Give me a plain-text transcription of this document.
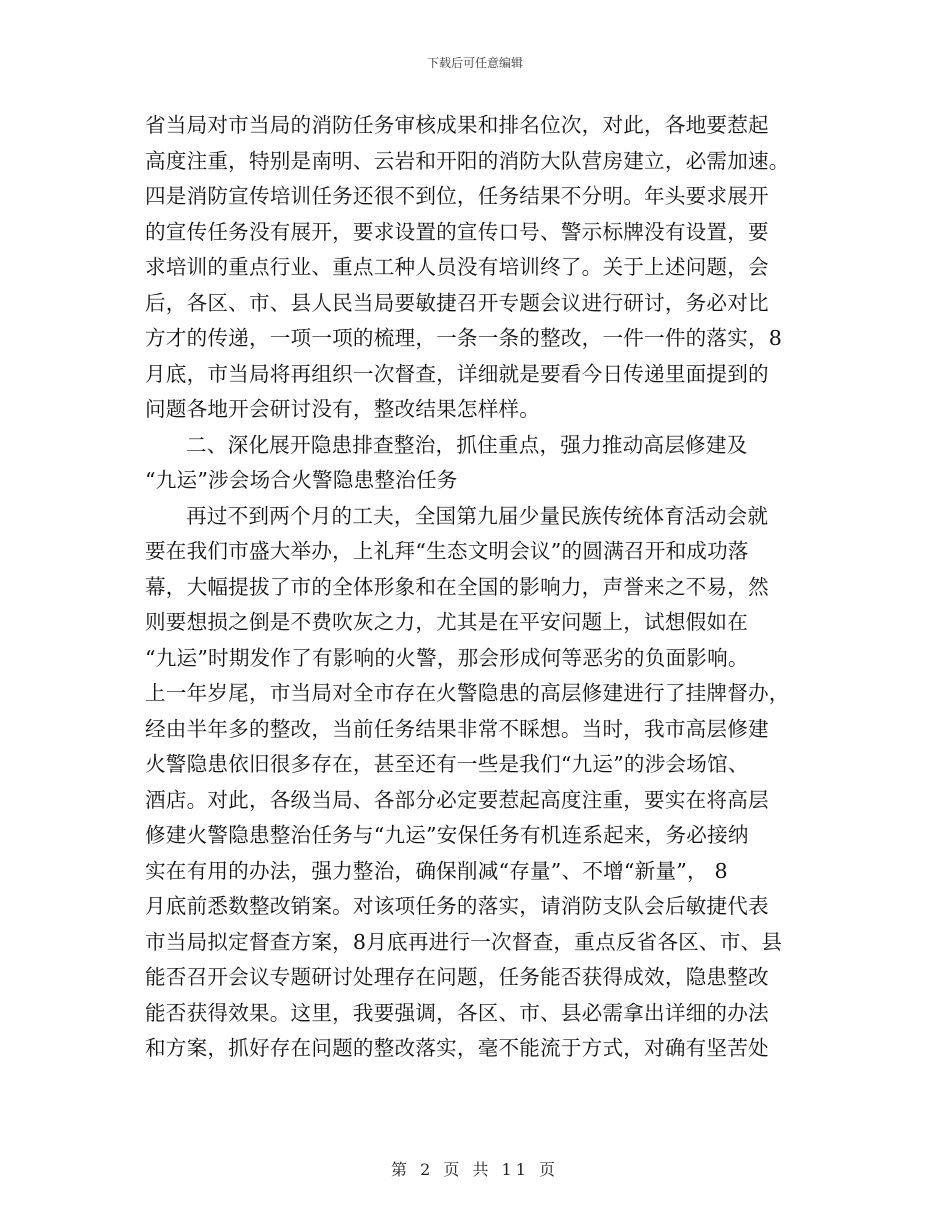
下载后可任意编辑
省当局对市当局的消防任务审核成果和排名位次，对此，各地要惹起
高度注重，特别是南明、云岩和开阳的消防大队营房建立，必需加速。
四是消防宣传培训任务还很不到位，任务结果不分明。年头要求展开
的宣传任务没有展开，要求设置的宣传口号、警示标牌没有设置，要
求培训的重点行业、重点工种人员没有培训终了。关于上述问题，会
后，各区、市、县人民当局要敏捷召开专题会议进行研讨，务必对比
方才的传递，一项一项的梳理，一条一条的整改，一件一件的落实，8
月底，市当局将再组织一次督查，详细就是要看今日传递里面提到的
问题各地开会研讨没有，整改结果怎样样。
二、深化展开隐患排查整治，抓住重点，强力推动高层修建及
“九运”涉会场合火警隐患整治任务
再过不到两个月的工夫，全国第九届少量民族传统体育活动会就
要在我们市盛大举办，上礼拜“生态文明会议”的圆满召开和成功落
幕，大幅提拔了市的全体形象和在全国的影响力，声誉来之不易，然
则要想损之倒是不费吹灰之力，尤其是在平安问题上，试想假如在
“九运”时期发作了有影响的火警，那会形成何等恶劣的负面影响。
上一年岁尾，市当局对全市存在火警隐患的高层修建进行了挂牌督办，
经由半年多的整改，当前任务结果非常不睬想。当时，我市高层修建
火警隐患依旧很多存在，甚至还有一些是我们“九运”的涉会场馆、
酒店。对此，各级当局、各部分必定要惹起高度注重，要实在将高层
修建火警隐患整治任务与“九运”安保任务有机连系起来，务必接纳
实在有用的办法，强力整治，确保削减“存量”、不增“新量”， 8
月底前悉数整改销案。对该项任务的落实，请消防支队会后敏捷代表
市当局拟定督查方案，8月底再进行一次督查，重点反省各区、市、县
能否召开会议专题研讨处理存在问题，任务能否获得成效，隐患整改
能否获得效果。这里，我要强调，各区、市、县必需拿出详细的办法
和方案，抓好存在问题的整改落实，毫不能流于方式，对确有坚苦处
第 2 页 共 11 页
